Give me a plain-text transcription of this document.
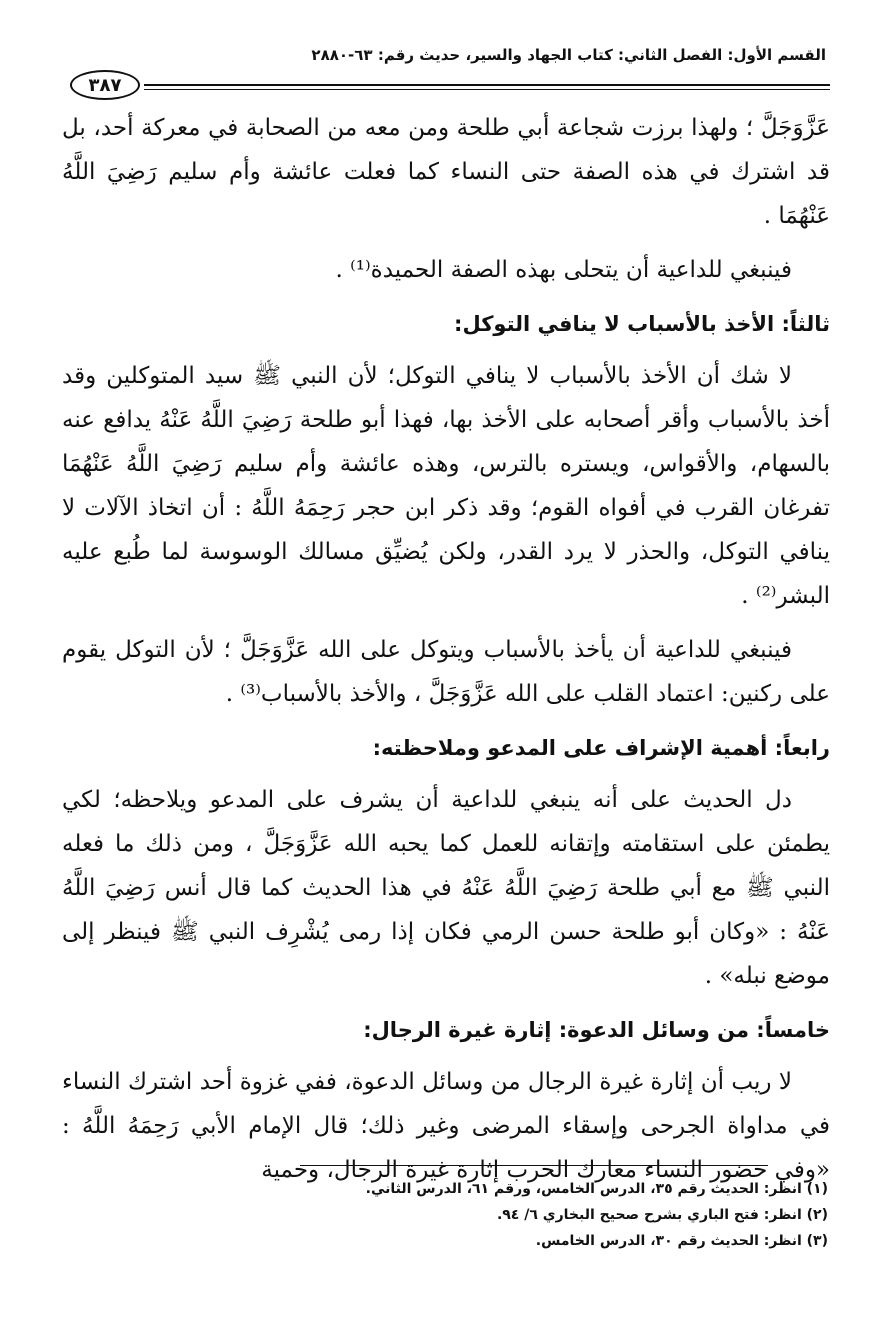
القسم الأول: الفصل الثاني: كتاب الجهاد والسير، حديث رقم: ٦٣-٢٨٨٠
٣٨٧

عَزَّوَجَلَّ ؛ ولهذا برزت شجاعة أبي طلحة ومن معه من الصحابة في معركة أحد، بل قد اشترك في هذه الصفة حتى النساء كما فعلت عائشة وأم سليم رَضِيَ اللَّهُ عَنْهُمَا .

فينبغي للداعية أن يتحلى بهذه الصفة الحميدة⁽¹⁾ .

ثالثاً: الأخذ بالأسباب لا ينافي التوكل:

لا شك أن الأخذ بالأسباب لا ينافي التوكل؛ لأن النبي ﷺ سيد المتوكلين وقد أخذ بالأسباب وأقر أصحابه على الأخذ بها، فهذا أبو طلحة رَضِيَ اللَّهُ عَنْهُ يدافع عنه بالسهام، والأقواس، ويستره بالترس، وهذه عائشة وأم سليم رَضِيَ اللَّهُ عَنْهُمَا تفرغان القرب في أفواه القوم؛ وقد ذكر ابن حجر رَحِمَهُ اللَّهُ : أن اتخاذ الآلات لا ينافي التوكل، والحذر لا يرد القدر، ولكن يُضيِّق مسالك الوسوسة لما طُبع عليه البشر⁽²⁾ .

فينبغي للداعية أن يأخذ بالأسباب ويتوكل على الله عَزَّوَجَلَّ ؛ لأن التوكل يقوم على ركنين: اعتماد القلب على الله عَزَّوَجَلَّ ، والأخذ بالأسباب⁽³⁾ .

رابعاً: أهمية الإشراف على المدعو وملاحظته:

دل الحديث على أنه ينبغي للداعية أن يشرف على المدعو ويلاحظه؛ لكي يطمئن على استقامته وإتقانه للعمل كما يحبه الله عَزَّوَجَلَّ ، ومن ذلك ما فعله النبي ﷺ مع أبي طلحة رَضِيَ اللَّهُ عَنْهُ في هذا الحديث كما قال أنس رَضِيَ اللَّهُ عَنْهُ : «وكان أبو طلحة حسن الرمي فكان إذا رمى يُشْرِف النبي ﷺ فينظر إلى موضع نبله» .

خامساً: من وسائل الدعوة: إثارة غيرة الرجال:

لا ريب أن إثارة غيرة الرجال من وسائل الدعوة، ففي غزوة أحد اشترك النساء في مداواة الجرحى وإسقاء المرضى وغير ذلك؛ قال الإمام الأبي رَحِمَهُ اللَّهُ : «وفي حضور النساء معارك الحرب إثارة غيرة الرجال، وحمية

(١) انظر: الحديث رقم ٣٥، الدرس الخامس، ورقم ٦١، الدرس الثاني.

(٢) انظر: فتح الباري بشرح صحيح البخاري ٦/ ٩٤.

(٣) انظر: الحديث رقم ٣٠، الدرس الخامس.
